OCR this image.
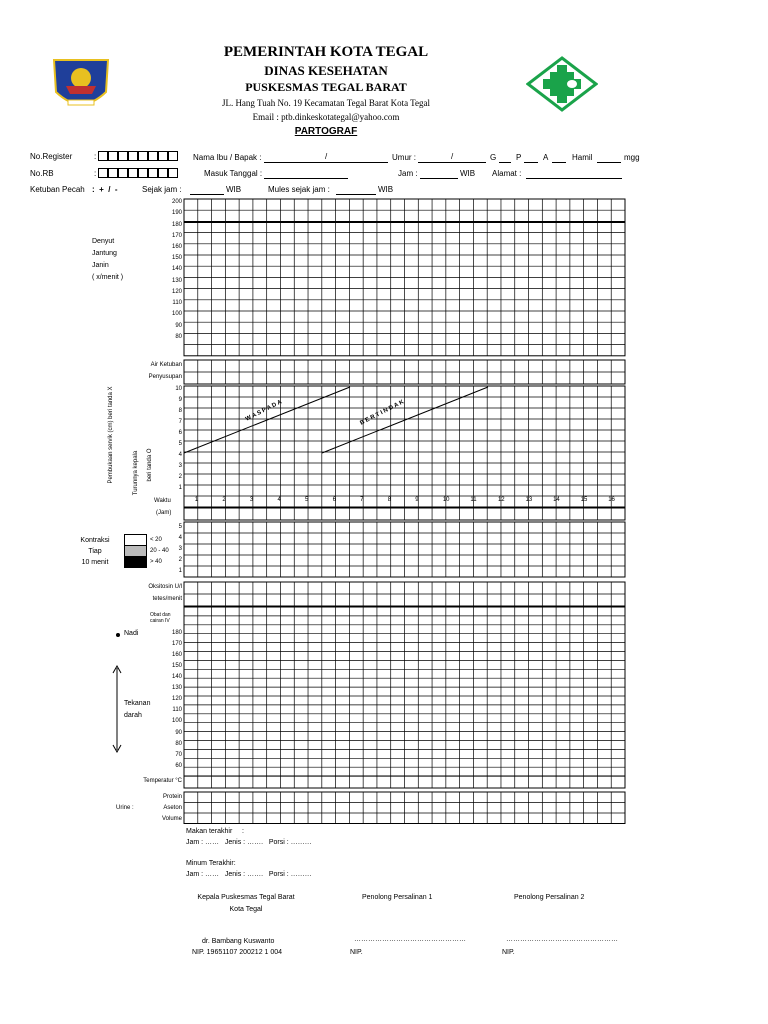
PEMERINTAH KOTA TEGAL
DINAS KESEHATAN
PUSKESMAS TEGAL BARAT
JL. Hang Tuah No. 19 Kecamatan Tegal Barat Kota Tegal
Email : ptb.dinkeskotategal@yahoo.com
PARTOGRAF
No.Register	:
No.RB	:
Ketuban Pecah :  +  /  -	Sejak jam :	WIB	Mules sejak jam :	WIB
Nama Ibu / Bapak :	/	Umur :	/	G P	A	Hamil	mgg
Masuk Tanggal :	Jam :	WIB Alamat :
Denyut
Jantung
Janin
( x/menit )
200
190
180
170
160
150
140
130
120
110
100
90
80
Air Ketuban
Penyusupan
10
9
8
7
6
5
4
3
2
1
Pembukaan servik (cm) beri tanda X	Turunnya kepala beri tanda O
W A S P A D A	B E R T I N D A K
Waktu
(Jam)
1	2	3	4	5	6	7	8	9	10	11	12	13	14	15	16
Kontraksi
Tiap
10 menit
< 20
20 - 40
> 40
5
4
3
2
1
Oksitosin U/l
tetes/menit
Obat dan
cairan IV
Nadi
Tekanan
darah
180
170
160
150
140
130
120
110
100
90
80
70
60
Temperatur °C
Protein
Urine :	Aseton
Volume
Makan terakhir     :
Jam : ……   Jenis : …….   Porsi : ………
Minum Terakhir:
Jam : ……   Jenis : …….   Porsi : ………
Kepala Puskesmas Tegal Barat
Kota Tegal
Penolong Persalinan 1	Penolong Persalinan 2
dr. Bambang Kuswanto	…………………………………………	…………………………………………
NIP. 19651107 200212 1 004	NIP.	NIP.
